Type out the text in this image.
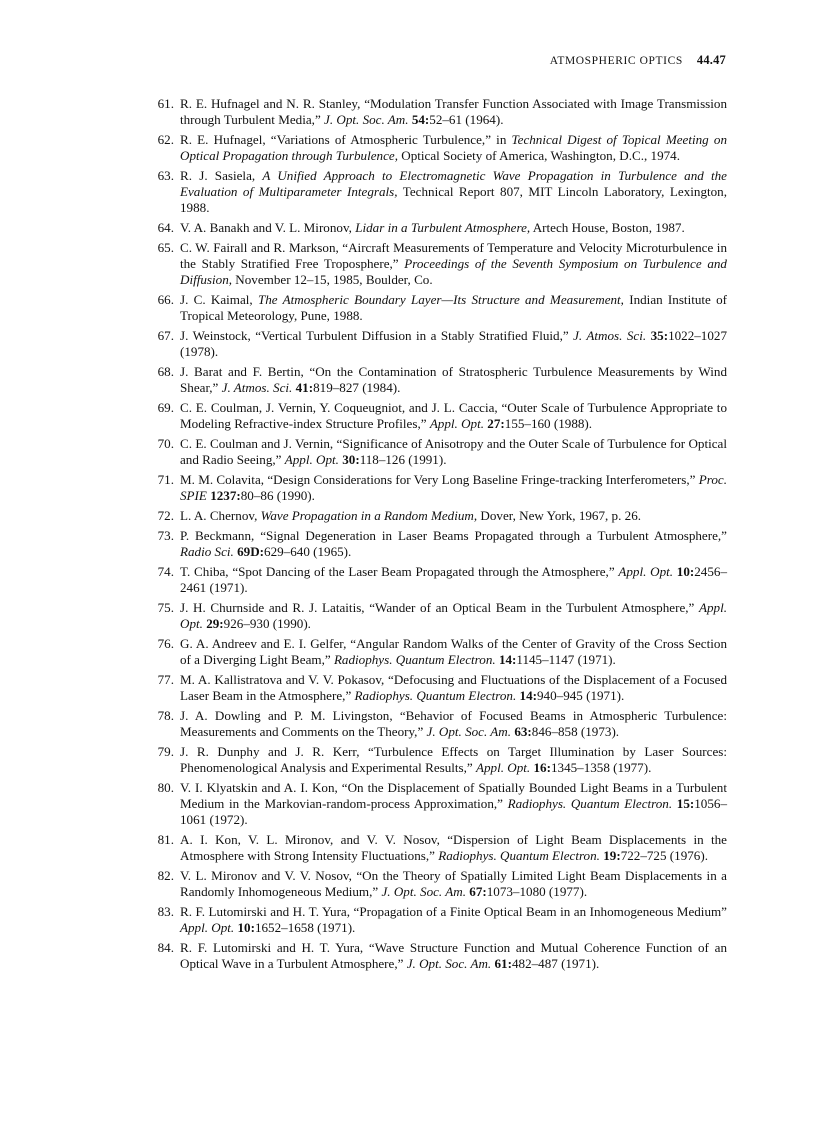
ATMOSPHERIC OPTICS 44.47
61. R. E. Hufnagel and N. R. Stanley, “Modulation Transfer Function Associated with Image Transmission through Turbulent Media,” J. Opt. Soc. Am. 54:52–61 (1964).
62. R. E. Hufnagel, “Variations of Atmospheric Turbulence,” in Technical Digest of Topical Meeting on Optical Propagation through Turbulence, Optical Society of America, Washington, D.C., 1974.
63. R. J. Sasiela, A Unified Approach to Electromagnetic Wave Propagation in Turbulence and the Evaluation of Multiparameter Integrals, Technical Report 807, MIT Lincoln Laboratory, Lexington, 1988.
64. V. A. Banakh and V. L. Mironov, Lidar in a Turbulent Atmosphere, Artech House, Boston, 1987.
65. C. W. Fairall and R. Markson, “Aircraft Measurements of Temperature and Velocity Microturbulence in the Stably Stratified Free Troposphere,” Proceedings of the Seventh Symposium on Turbulence and Diffusion, November 12–15, 1985, Boulder, Co.
66. J. C. Kaimal, The Atmospheric Boundary Layer—Its Structure and Measurement, Indian Institute of Tropical Meteorology, Pune, 1988.
67. J. Weinstock, “Vertical Turbulent Diffusion in a Stably Stratified Fluid,” J. Atmos. Sci. 35:1022–1027 (1978).
68. J. Barat and F. Bertin, “On the Contamination of Stratospheric Turbulence Measurements by Wind Shear,” J. Atmos. Sci. 41:819–827 (1984).
69. C. E. Coulman, J. Vernin, Y. Coqueugniot, and J. L. Caccia, “Outer Scale of Turbulence Appropriate to Modeling Refractive-index Structure Profiles,” Appl. Opt. 27:155–160 (1988).
70. C. E. Coulman and J. Vernin, “Significance of Anisotropy and the Outer Scale of Turbulence for Optical and Radio Seeing,” Appl. Opt. 30:118–126 (1991).
71. M. M. Colavita, “Design Considerations for Very Long Baseline Fringe-tracking Interferometers,” Proc. SPIE 1237:80–86 (1990).
72. L. A. Chernov, Wave Propagation in a Random Medium, Dover, New York, 1967, p. 26.
73. P. Beckmann, “Signal Degeneration in Laser Beams Propagated through a Turbulent Atmosphere,” Radio Sci. 69D:629–640 (1965).
74. T. Chiba, “Spot Dancing of the Laser Beam Propagated through the Atmosphere,” Appl. Opt. 10:2456–2461 (1971).
75. J. H. Churnside and R. J. Lataitis, “Wander of an Optical Beam in the Turbulent Atmosphere,” Appl. Opt. 29:926–930 (1990).
76. G. A. Andreev and E. I. Gelfer, “Angular Random Walks of the Center of Gravity of the Cross Section of a Diverging Light Beam,” Radiophys. Quantum Electron. 14:1145–1147 (1971).
77. M. A. Kallistratova and V. V. Pokasov, “Defocusing and Fluctuations of the Displacement of a Focused Laser Beam in the Atmosphere,” Radiophys. Quantum Electron. 14:940–945 (1971).
78. J. A. Dowling and P. M. Livingston, “Behavior of Focused Beams in Atmospheric Turbulence: Measurements and Comments on the Theory,” J. Opt. Soc. Am. 63:846–858 (1973).
79. J. R. Dunphy and J. R. Kerr, “Turbulence Effects on Target Illumination by Laser Sources: Phenomenological Analysis and Experimental Results,” Appl. Opt. 16:1345–1358 (1977).
80. V. I. Klyatskin and A. I. Kon, “On the Displacement of Spatially Bounded Light Beams in a Turbulent Medium in the Markovian-random-process Approximation,” Radiophys. Quantum Electron. 15:1056–1061 (1972).
81. A. I. Kon, V. L. Mironov, and V. V. Nosov, “Dispersion of Light Beam Displacements in the Atmosphere with Strong Intensity Fluctuations,” Radiophys. Quantum Electron. 19:722–725 (1976).
82. V. L. Mironov and V. V. Nosov, “On the Theory of Spatially Limited Light Beam Displacements in a Randomly Inhomogeneous Medium,” J. Opt. Soc. Am. 67:1073–1080 (1977).
83. R. F. Lutomirski and H. T. Yura, “Propagation of a Finite Optical Beam in an Inhomogeneous Medium” Appl. Opt. 10:1652–1658 (1971).
84. R. F. Lutomirski and H. T. Yura, “Wave Structure Function and Mutual Coherence Function of an Optical Wave in a Turbulent Atmosphere,” J. Opt. Soc. Am. 61:482–487 (1971).
